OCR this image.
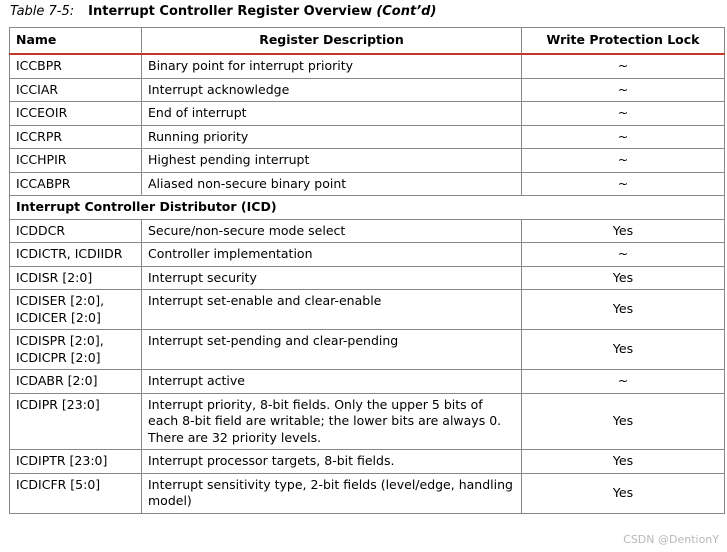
Table 7-5: Interrupt Controller Register Overview (Cont’d)
Name	Register Description	Write Protection Lock
ICCBPR	Binary point for interrupt priority	~
ICCIAR	Interrupt acknowledge	~
ICCEOIR	End of interrupt	~
ICCRPR	Running priority	~
ICCHPIR	Highest pending interrupt	~
ICCABPR	Aliased non-secure binary point	~
Interrupt Controller Distributor (ICD)		
ICDDCR	Secure/non-secure mode select	Yes
ICDICTR, ICDIIDR	Controller implementation	~
ICDISR [2:0]	Interrupt security	Yes
ICDISER [2:0],
ICDICER [2:0]	Interrupt set-enable and clear-enable	Yes
ICDISPR [2:0],
ICDICPR [2:0]	Interrupt set-pending and clear-pending	Yes
ICDABR [2:0]	Interrupt active	~
ICDIPR [23:0]	Interrupt priority, 8-bit fields. Only the upper 5 bits of each 8-bit field are writable; the lower bits are always 0. There are 32 priority levels.	Yes
ICDIPTR [23:0]	Interrupt processor targets, 8-bit fields.	Yes
ICDICFR [5:0]	Interrupt sensitivity type, 2-bit fields (level/edge, handling model)	Yes
CSDN @DentionY
